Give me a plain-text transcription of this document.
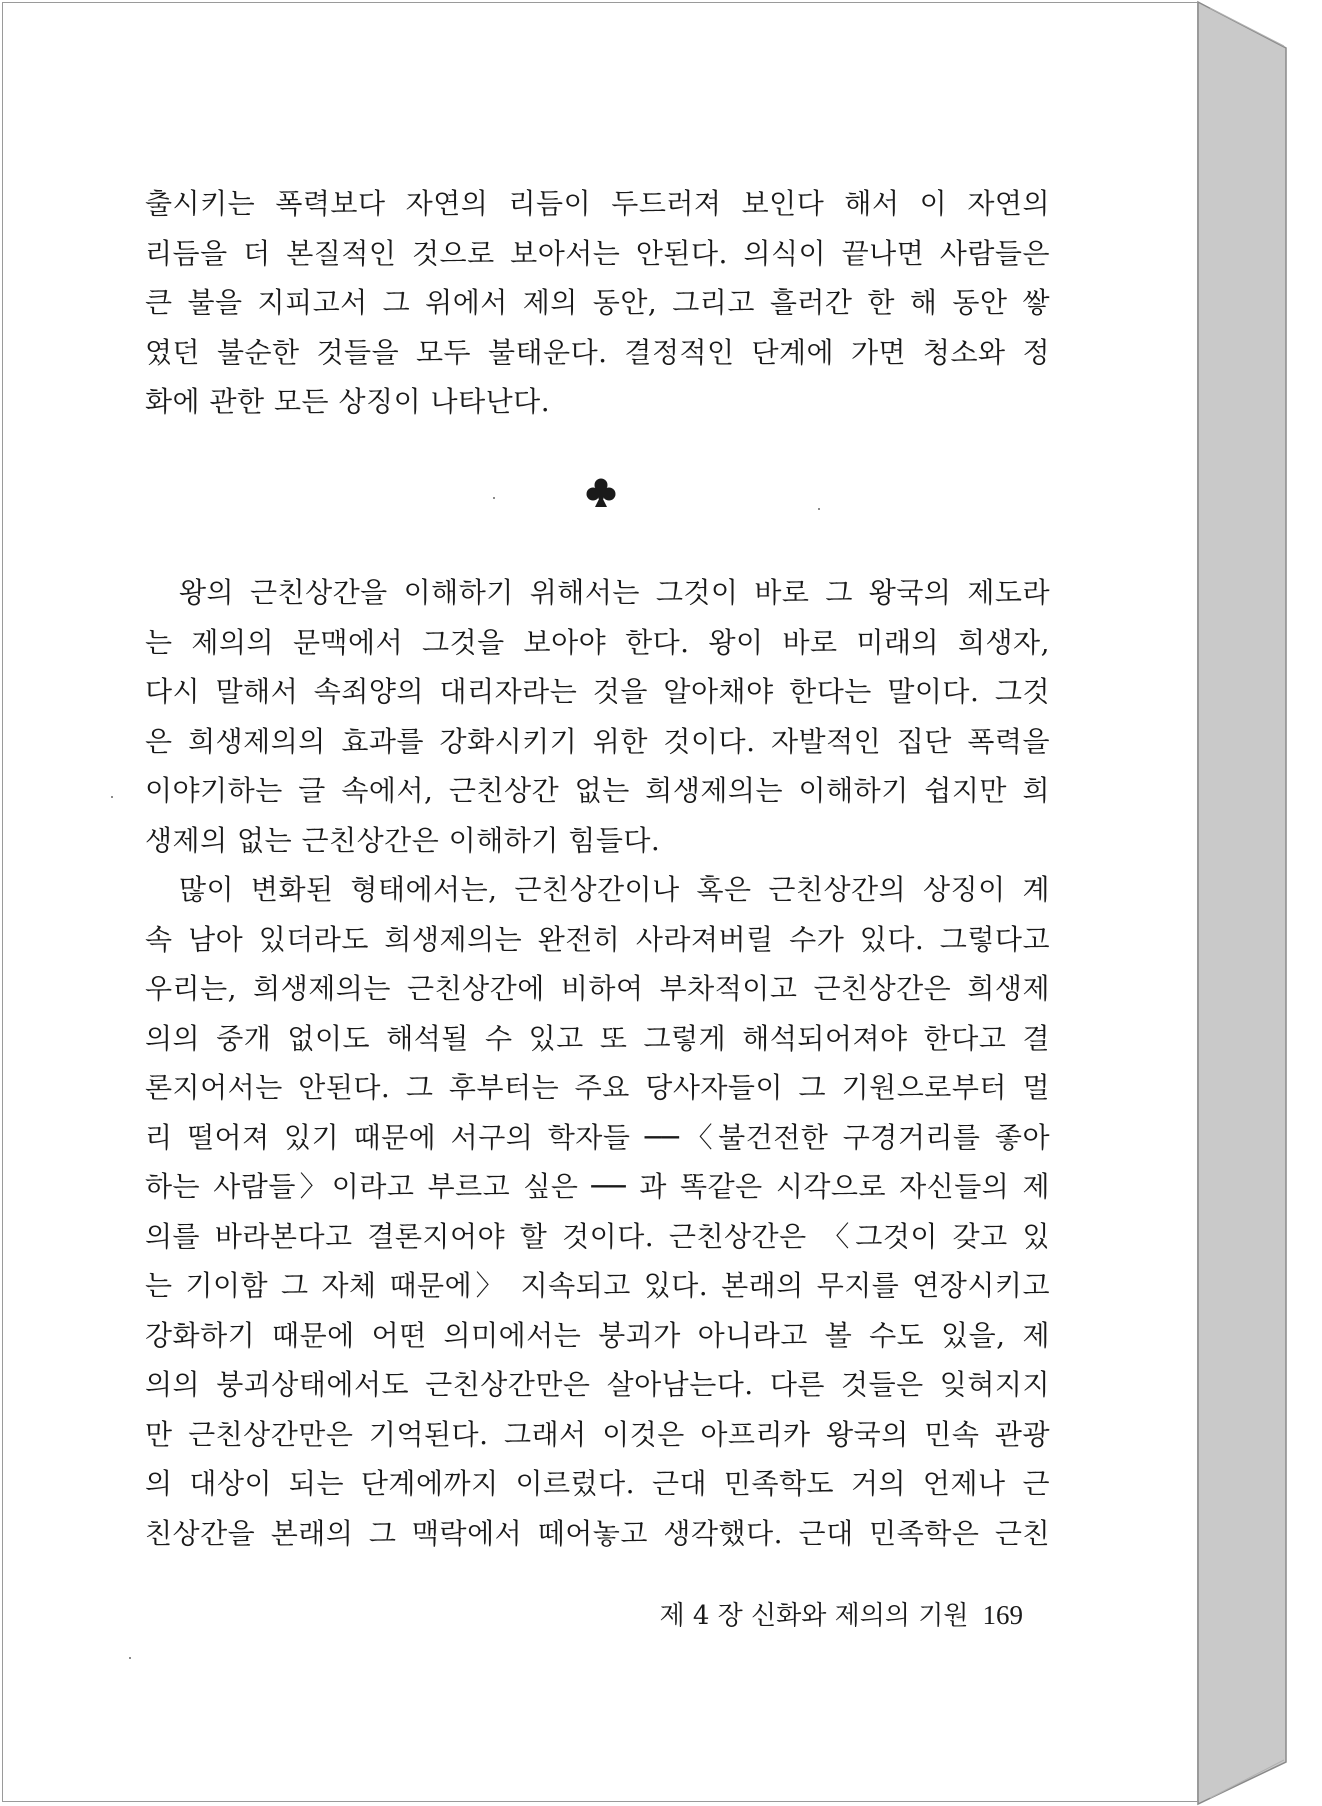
출시키는 폭력보다 자연의 리듬이 두드러져 보인다 해서 이 자연의
리듬을 더 본질적인 것으로 보아서는 안된다. 의식이 끝나면 사람들은
큰 불을 지피고서 그 위에서 제의 동안, 그리고 흘러간 한 해 동안 쌓
였던 불순한 것들을 모두 불태운다. 결정적인 단계에 가면 청소와 정
화에 관한 모든 상징이 나타난다.
왕의 근친상간을 이해하기 위해서는 그것이 바로 그 왕국의 제도라
는 제의의 문맥에서 그것을 보아야 한다. 왕이 바로 미래의 희생자,
다시 말해서 속죄양의 대리자라는 것을 알아채야 한다는 말이다. 그것
은 희생제의의 효과를 강화시키기 위한 것이다. 자발적인 집단 폭력을
이야기하는 글 속에서, 근친상간 없는 희생제의는 이해하기 쉽지만 희
생제의 없는 근친상간은 이해하기 힘들다.
많이 변화된 형태에서는, 근친상간이나 혹은 근친상간의 상징이 계
속 남아 있더라도 희생제의는 완전히 사라져버릴 수가 있다. 그렇다고
우리는, 희생제의는 근친상간에 비하여 부차적이고 근친상간은 희생제
의의 중개 없이도 해석될 수 있고 또 그렇게 해석되어져야 한다고 결
론지어서는 안된다. 그 후부터는 주요 당사자들이 그 기원으로부터 멀
리 떨어져 있기 때문에 서구의 학자들 ──〈불건전한 구경거리를 좋아
하는 사람들〉이라고 부르고 싶은 ── 과 똑같은 시각으로 자신들의 제
의를 바라본다고 결론지어야 할 것이다. 근친상간은 〈그것이 갖고 있
는 기이함 그 자체 때문에〉 지속되고 있다. 본래의 무지를 연장시키고
강화하기 때문에 어떤 의미에서는 붕괴가 아니라고 볼 수도 있을, 제
의의 붕괴상태에서도 근친상간만은 살아남는다. 다른 것들은 잊혀지지
만 근친상간만은 기억된다. 그래서 이것은 아프리카 왕국의 민속 관광
의 대상이 되는 단계에까지 이르렀다. 근대 민족학도 거의 언제나 근
친상간을 본래의 그 맥락에서 떼어놓고 생각했다. 근대 민족학은 근친
제 4 장 신화와 제의의 기원 169
